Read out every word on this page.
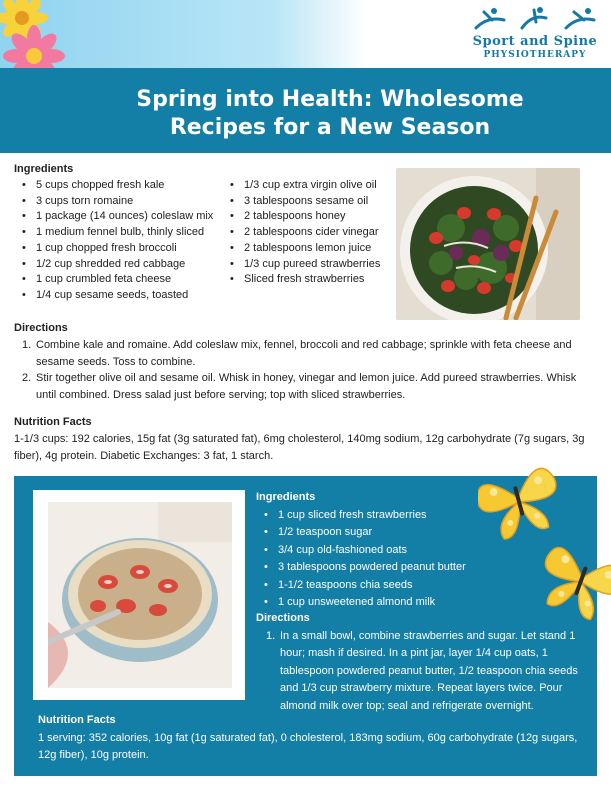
Sport and Spine
PHYSIOTHERAPY
Spring into Health: Wholesome
Recipes for a New Season
Ingredients
• 5 cups chopped fresh kale
• 3 cups torn romaine
• 1 package (14 ounces) coleslaw mix
• 1 medium fennel bulb, thinly sliced
• 1 cup chopped fresh broccoli
• 1/2 cup shredded red cabbage
• 1 cup crumbled feta cheese
• 1/4 cup sesame seeds, toasted
• 1/3 cup extra virgin olive oil
• 3 tablespoons sesame oil
• 2 tablespoons honey
• 2 tablespoons cider vinegar
• 2 tablespoons lemon juice
• 1/3 cup pureed strawberries
• Sliced fresh strawberries
Directions
1. Combine kale and romaine. Add coleslaw mix, fennel, broccoli and red cabbage; sprinkle with feta cheese and sesame seeds. Toss to combine.
2. Stir together olive oil and sesame oil. Whisk in honey, vinegar and lemon juice. Add pureed strawberries. Whisk until combined. Dress salad just before serving; top with sliced strawberries.
Nutrition Facts
1-1/3 cups: 192 calories, 15g fat (3g saturated fat), 6mg cholesterol, 140mg sodium, 12g carbohydrate (7g sugars, 3g fiber), 4g protein. Diabetic Exchanges: 3 fat, 1 starch.
Ingredients
• 1 cup sliced fresh strawberries
• 1/2 teaspoon sugar
• 3/4 cup old-fashioned oats
• 3 tablespoons powdered peanut butter
• 1-1/2 teaspoons chia seeds
• 1 cup unsweetened almond milk
Directions
1. In a small bowl, combine strawberries and sugar. Let stand 1 hour; mash if desired. In a pint jar, layer 1/4 cup oats, 1 tablespoon powdered peanut butter, 1/2 teaspoon chia seeds and 1/3 cup strawberry mixture. Repeat layers twice. Pour almond milk over top; seal and refrigerate overnight.
Nutrition Facts
1 serving: 352 calories, 10g fat (1g saturated fat), 0 cholesterol, 183mg sodium, 60g carbohydrate (12g sugars, 12g fiber), 10g protein.
